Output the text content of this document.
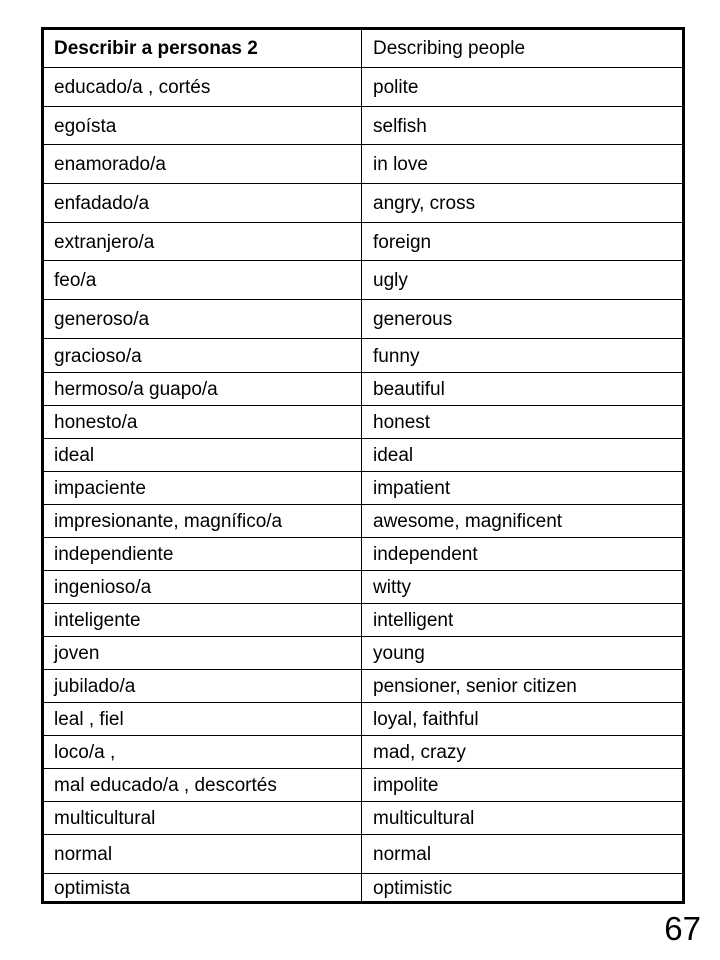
Describir a personas 2	Describing people
educado/a , cortés	polite
egoísta	selfish
enamorado/a	in love
enfadado/a	angry, cross
extranjero/a	foreign
feo/a	ugly
generoso/a	generous
gracioso/a	funny
hermoso/a guapo/a	beautiful
honesto/a	honest
ideal	ideal
impaciente	impatient
impresionante, magnífico/a	awesome, magnificent
independiente	independent
ingenioso/a	witty
inteligente	intelligent
joven	young
jubilado/a	pensioner, senior citizen
leal , fiel	loyal, faithful
loco/a ,	mad, crazy
mal educado/a , descortés	impolite
multicultural	multicultural
normal	normal
optimista	optimistic
67
